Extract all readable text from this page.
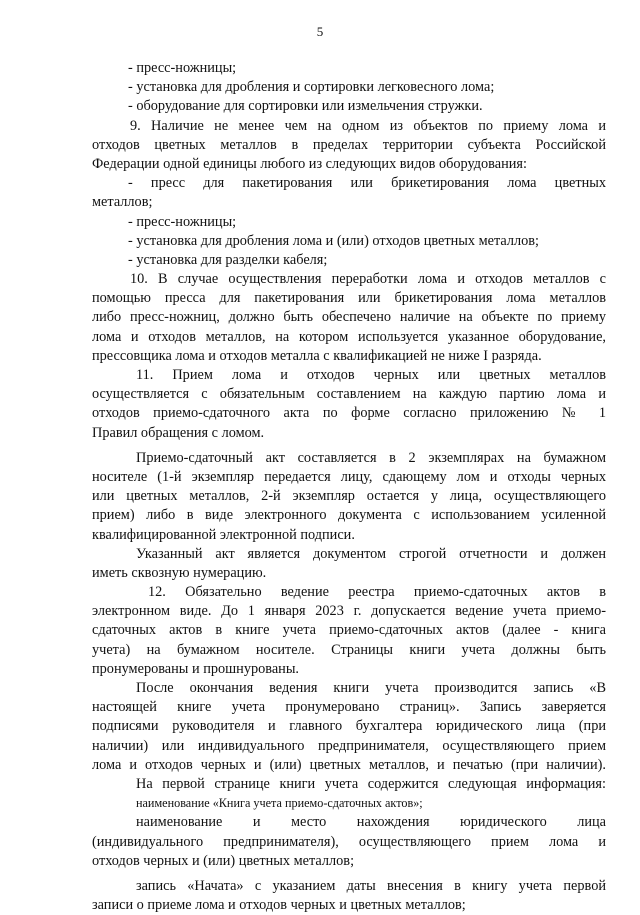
5
- пресс-ножницы;
- установка для дробления и сортировки легковесного лома;
- оборудование для сортировки или измельчения стружки.
9. Наличие не менее чем на одном из объектов по приему лома и
отходов цветных металлов в пределах территории субъекта Российской
Федерации одной единицы любого из следующих видов оборудования:
- пресс для пакетирования или брикетирования лома цветных
металлов;
- пресс-ножницы;
- установка для дробления лома и (или) отходов цветных металлов;
- установка для разделки кабеля;
10. В случае осуществления переработки лома и отходов металлов с
помощью пресса для пакетирования или брикетирования лома металлов
либо пресс-ножниц, должно быть обеспечено наличие на объекте по приему
лома и отходов металлов, на котором используется указанное оборудование,
прессовщика лома и отходов металла с квалификацией не ниже I разряда.
11. Прием лома и отходов черных или цветных металлов
осуществляется с обязательным составлением на каждую партию лома и
отходов приемо-сдаточного акта по форме согласно приложению № 1
Правил обращения с ломом.
Приемо-сдаточный акт составляется в 2 экземплярах на бумажном
носителе (1-й экземпляр передается лицу, сдающему лом и отходы черных
или цветных металлов, 2-й экземпляр остается у лица, осуществляющего
прием) либо в виде электронного документа с использованием усиленной
квалифицированной электронной подписи.
Указанный акт является документом строгой отчетности и должен
иметь сквозную нумерацию.
12. Обязательно ведение реестра приемо-сдаточных актов в
электронном виде. До 1 января 2023 г. допускается ведение учета приемо-
сдаточных актов в книге учета приемо-сдаточных актов (далее - книга
учета) на бумажном носителе. Страницы книги учета должны быть
пронумерованы и прошнурованы.
После окончания ведения книги учета производится запись «В
настоящей книге учета пронумеровано страниц». Запись заверяется
подписями руководителя и главного бухгалтера юридического лица (при
наличии) или индивидуального предпринимателя, осуществляющего прием
лома и отходов черных и (или) цветных металлов, и печатью (при наличии).
На первой странице книги учета содержится следующая информация:
наименование «Книга учета приемо-сдаточных актов»;
наименование и место нахождения юридического лица
(индивидуального предпринимателя), осуществляющего прием лома и
отходов черных и (или) цветных металлов;
запись «Начата» с указанием даты внесения в книгу учета первой
записи о приеме лома и отходов черных и цветных металлов;
